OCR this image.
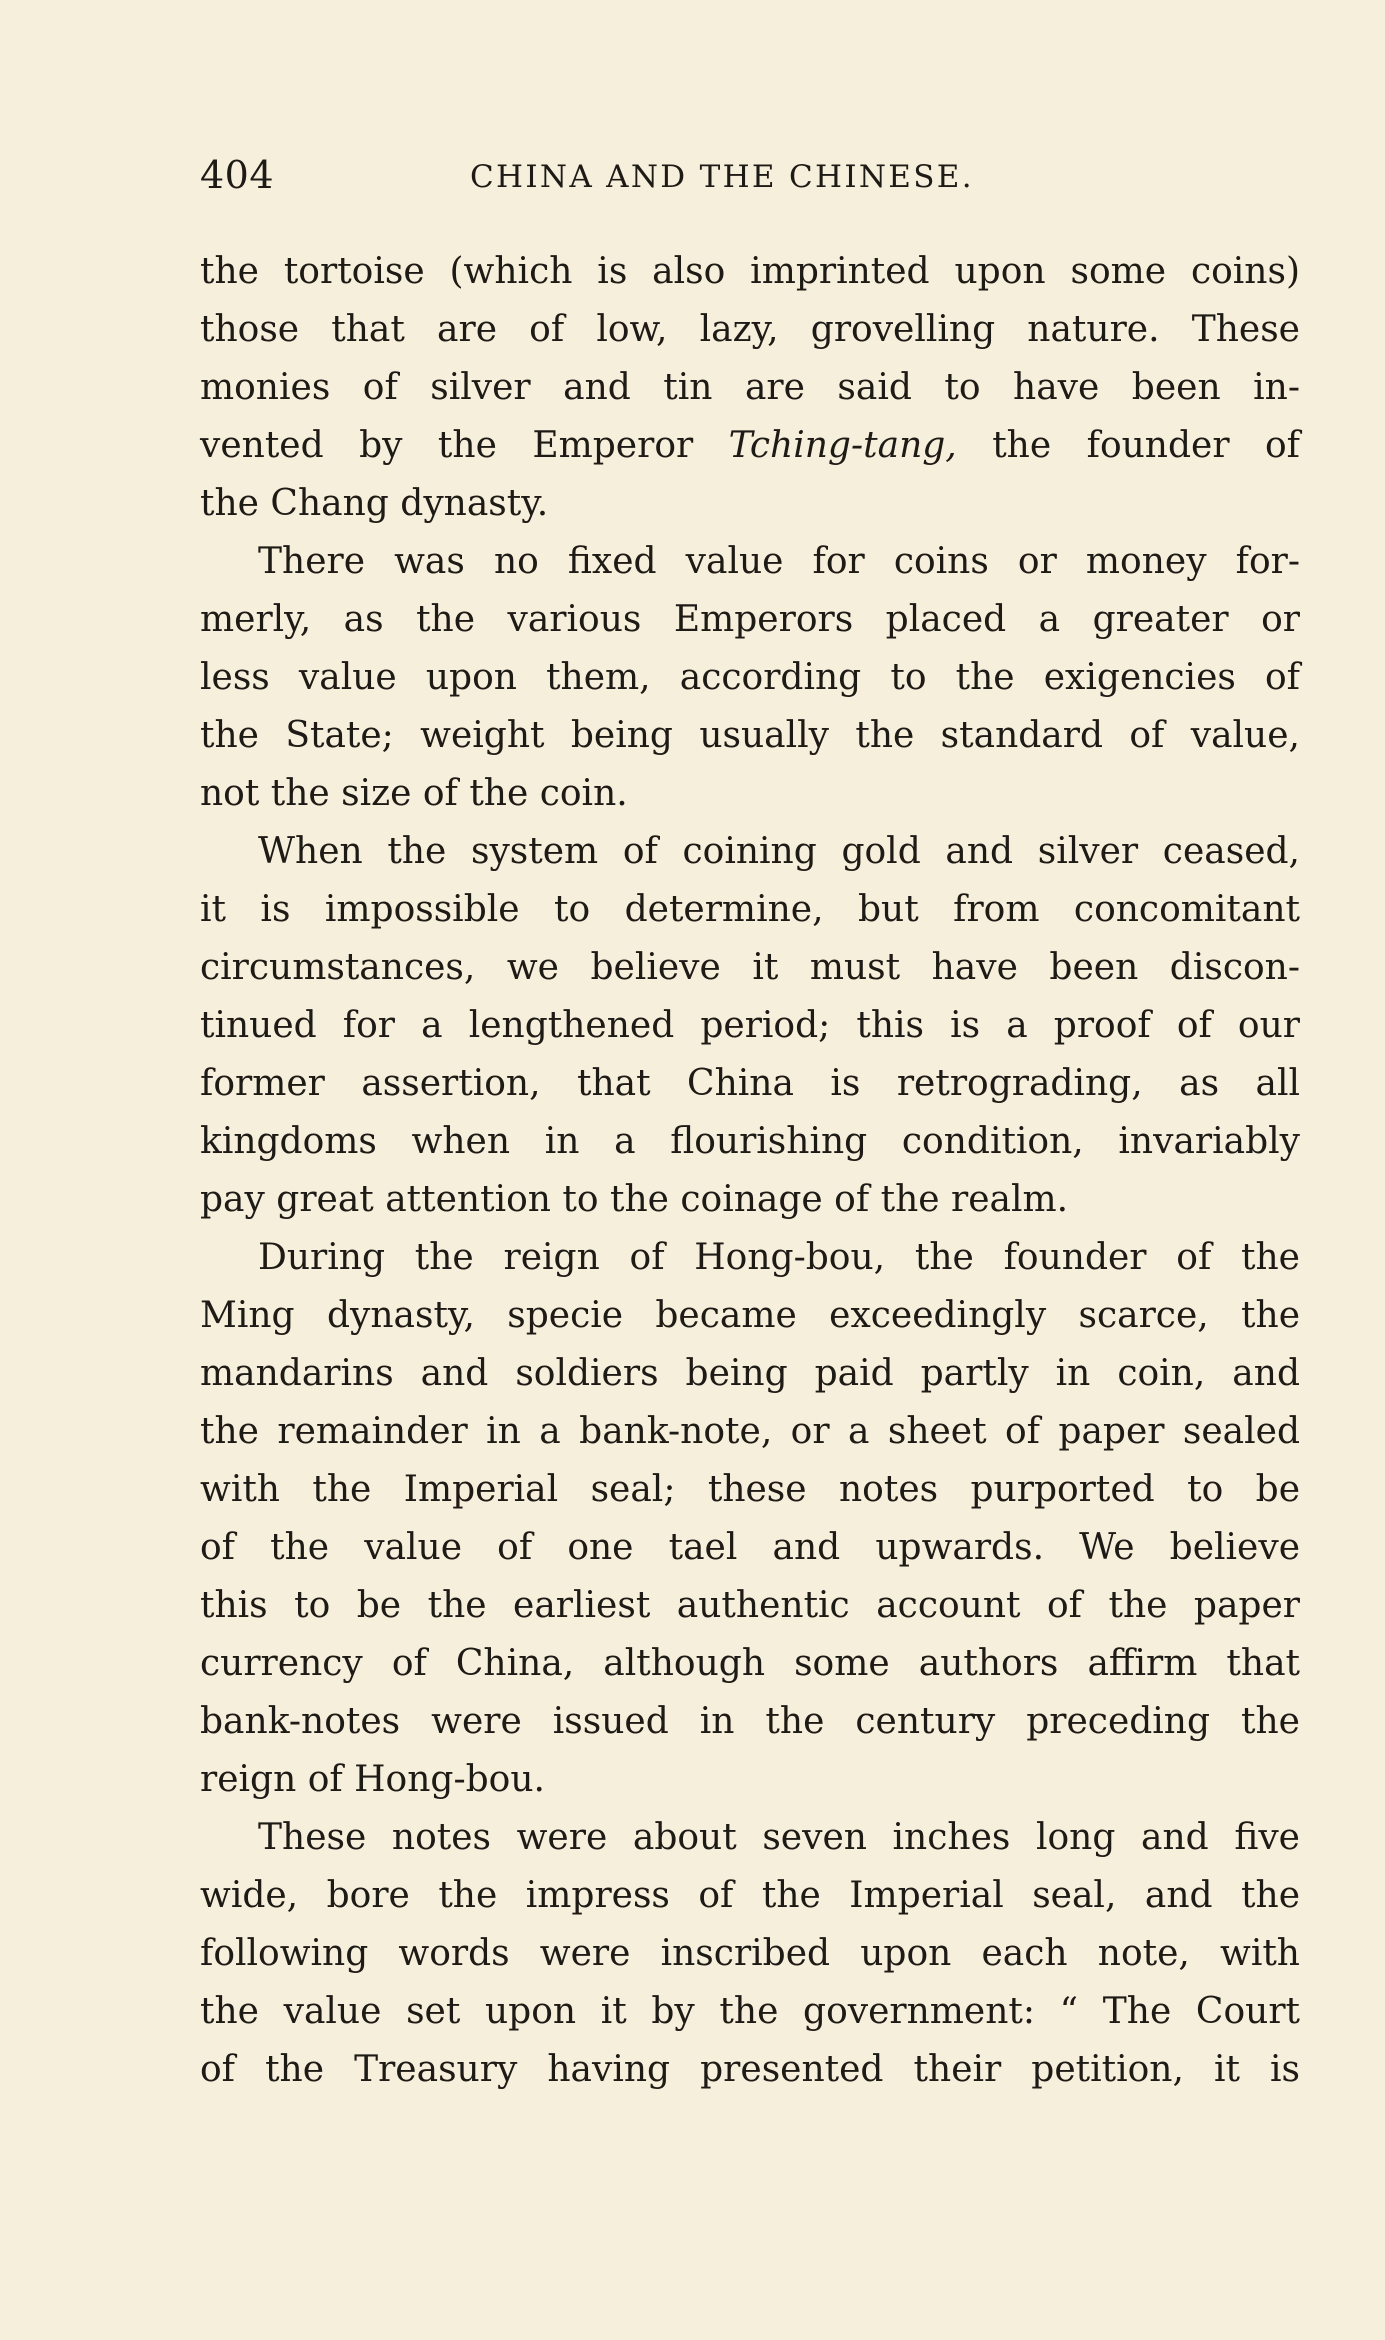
404	CHINA AND THE CHINESE.
the tortoise (which is also imprinted upon some coins)
those that are of low, lazy, grovelling nature. These
monies of silver and tin are said to have been in-
vented by the Emperor Tching-tang, the founder of
the Chang dynasty.
There was no fixed value for coins or money for-
merly, as the various Emperors placed a greater or
less value upon them, according to the exigencies of
the State; weight being usually the standard of value,
not the size of the coin.
When the system of coining gold and silver ceased,
it is impossible to determine, but from concomitant
circumstances, we believe it must have been discon-
tinued for a lengthened period; this is a proof of our
former assertion, that China is retrograding, as all
kingdoms when in a flourishing condition, invariably
pay great attention to the coinage of the realm.
During the reign of Hong-bou, the founder of the
Ming dynasty, specie became exceedingly scarce, the
mandarins and soldiers being paid partly in coin, and
the remainder in a bank-note, or a sheet of paper sealed
with the Imperial seal; these notes purported to be
of the value of one tael and upwards. We believe
this to be the earliest authentic account of the paper
currency of China, although some authors affirm that
bank-notes were issued in the century preceding the
reign of Hong-bou.
These notes were about seven inches long and five
wide, bore the impress of the Imperial seal, and the
following words were inscribed upon each note, with
the value set upon it by the government: “ The Court
of the Treasury having presented their petition, it is
